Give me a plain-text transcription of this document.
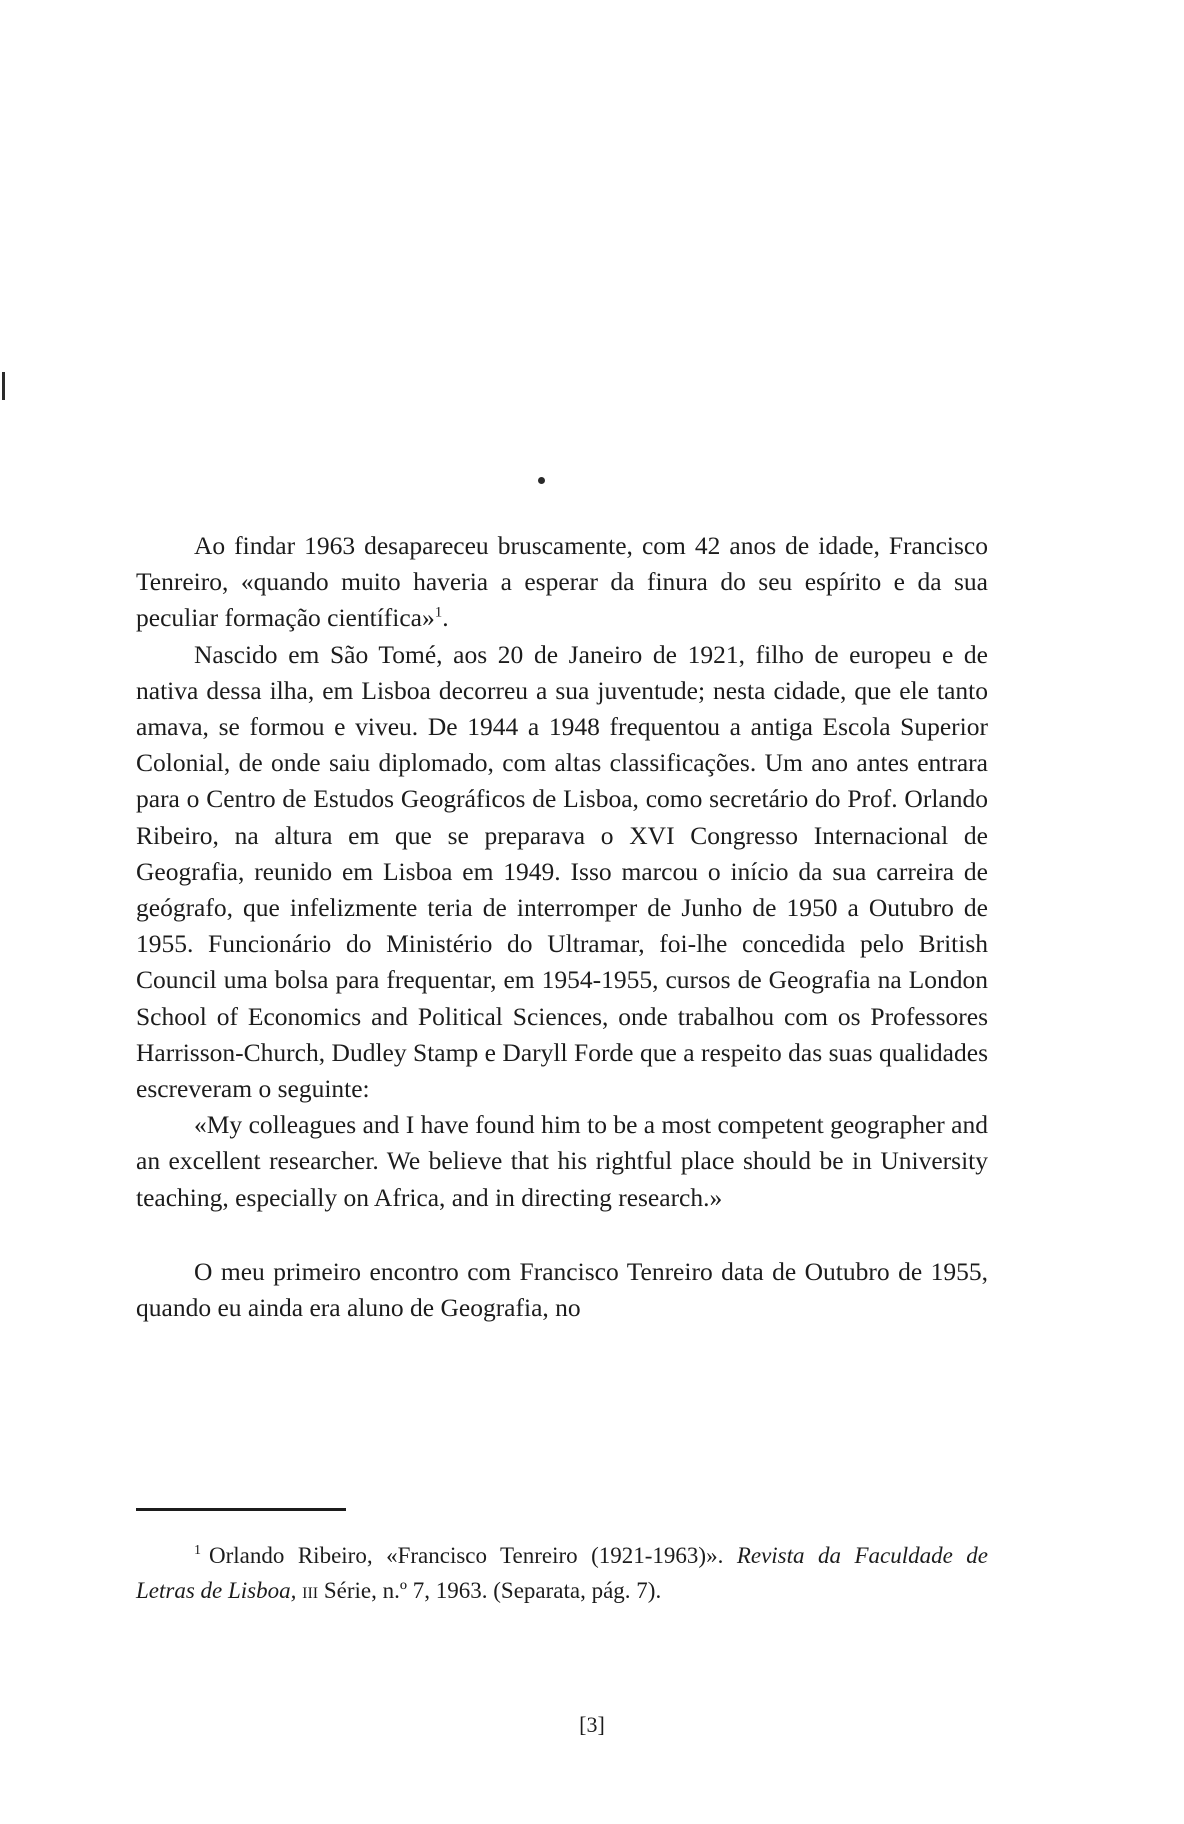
Ao findar 1963 desapareceu bruscamente, com 42 anos de idade, Francisco Tenreiro, «quando muito haveria a esperar da finura do seu espírito e da sua peculiar formação científica»$^1$.

Nascido em São Tomé, aos 20 de Janeiro de 1921, filho de europeu e de nativa dessa ilha, em Lisboa decorreu a sua juventude; nesta cidade, que ele tanto amava, se formou e viveu. De 1944 a 1948 frequentou a antiga Escola Superior Colonial, de onde saiu diplomado, com altas classificações. Um ano antes entrara para o Centro de Estudos Geográficos de Lisboa, como secretário do Prof. Orlando Ribeiro, na altura em que se preparava o XVI Congresso Internacional de Geografia, reunido em Lisboa em 1949. Isso marcou o início da sua carreira de geógrafo, que infelizmente teria de interromper de Junho de 1950 a Outubro de 1955. Funcionário do Ministério do Ultramar, foi-lhe concedida pelo British Council uma bolsa para frequentar, em 1954-1955, cursos de Geografia na London School of Economics and Political Sciences, onde trabalhou com os Professores Harrisson-Church, Dudley Stamp e Daryll Forde que a respeito das suas qualidades escreveram o seguinte:

«My colleagues and I have found him to be a most competent geographer and an excellent researcher. We believe that his rightful place should be in University teaching, especially on Africa, and in directing research.»

O meu primeiro encontro com Francisco Tenreiro data de Outubro de 1955, quando eu ainda era aluno de Geografia, no

$^1$ Orlando Ribeiro, «Francisco Tenreiro (1921-1963)». Revista da Faculdade de Letras de Lisboa, iii Série, n.º 7, 1963. (Separata, pág. 7).

[3]
